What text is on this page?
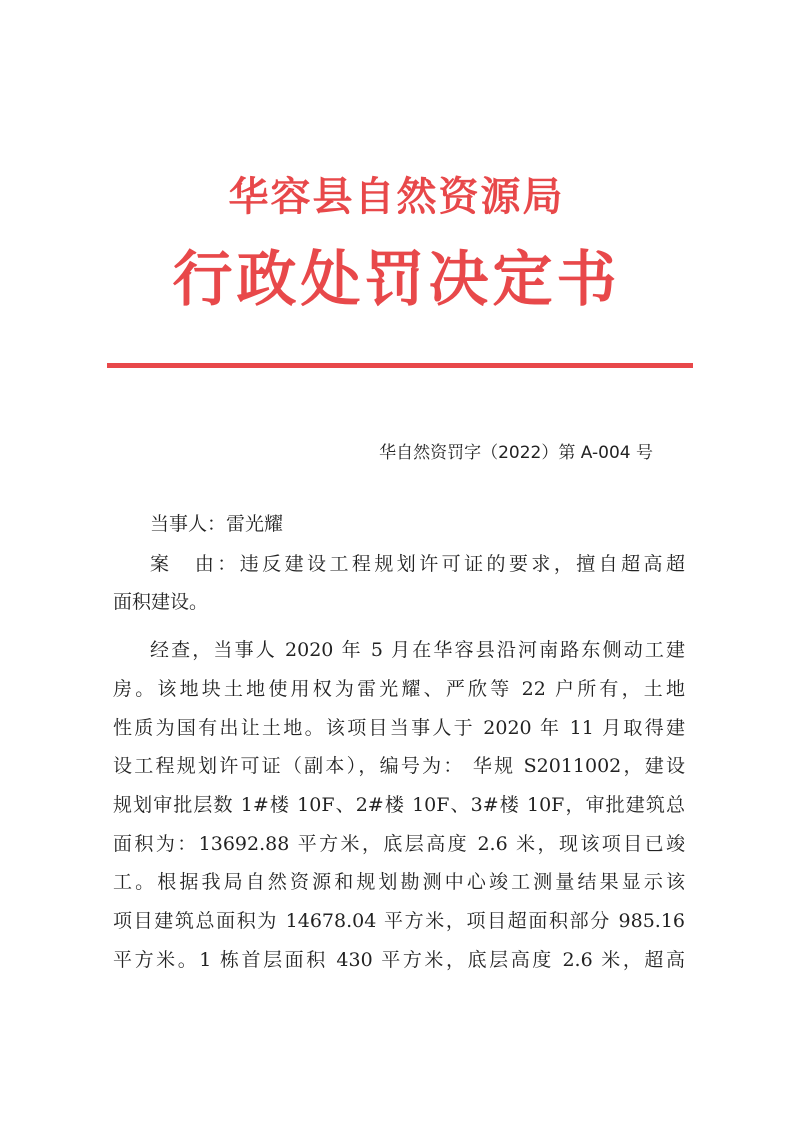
华容县自然资源局
行政处罚决定书
华自然资罚字（2022）第 A-004 号
当事人：雷光耀
案　由：违反建设工程规划许可证的要求，擅自超高超
面积建设。
经查，当事人 2020 年 5 月在华容县沿河南路东侧动工建
房。该地块土地使用权为雷光耀、严欣等 22 户所有，土地
性质为国有出让土地。该项目当事人于 2020 年 11 月取得建
设工程规划许可证（副本），编号为： 华规 S2011002，建设
规划审批层数 1#楼 10F、2#楼 10F、3#楼 10F，审批建筑总
面积为：13692.88 平方米，底层高度 2.6 米，现该项目已竣
工。根据我局自然资源和规划勘测中心竣工测量结果显示该
项目建筑总面积为 14678.04 平方米，项目超面积部分 985.16
平方米。1 栋首层面积 430 平方米，底层高度 2.6 米，超高
